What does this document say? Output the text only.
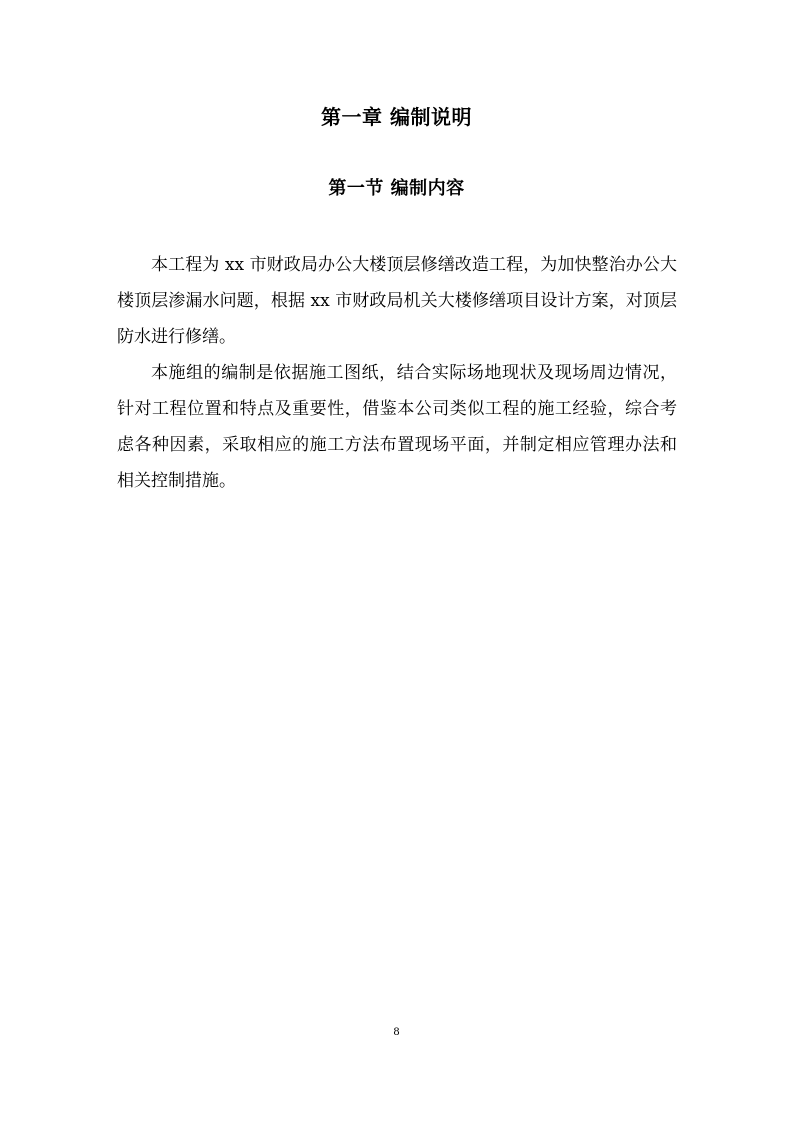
第一章 编制说明
第一节 编制内容

本工程为 xx 市财政局办公大楼顶层修缮改造工程，为加快整治办公大楼顶层渗漏水问题，根据 xx 市财政局机关大楼修缮项目设计方案，对顶层防水进行修缮。

本施组的编制是依据施工图纸，结合实际场地现状及现场周边情况，针对工程位置和特点及重要性，借鉴本公司类似工程的施工经验，综合考虑各种因素，采取相应的施工方法布置现场平面，并制定相应管理办法和相关控制措施。

8
